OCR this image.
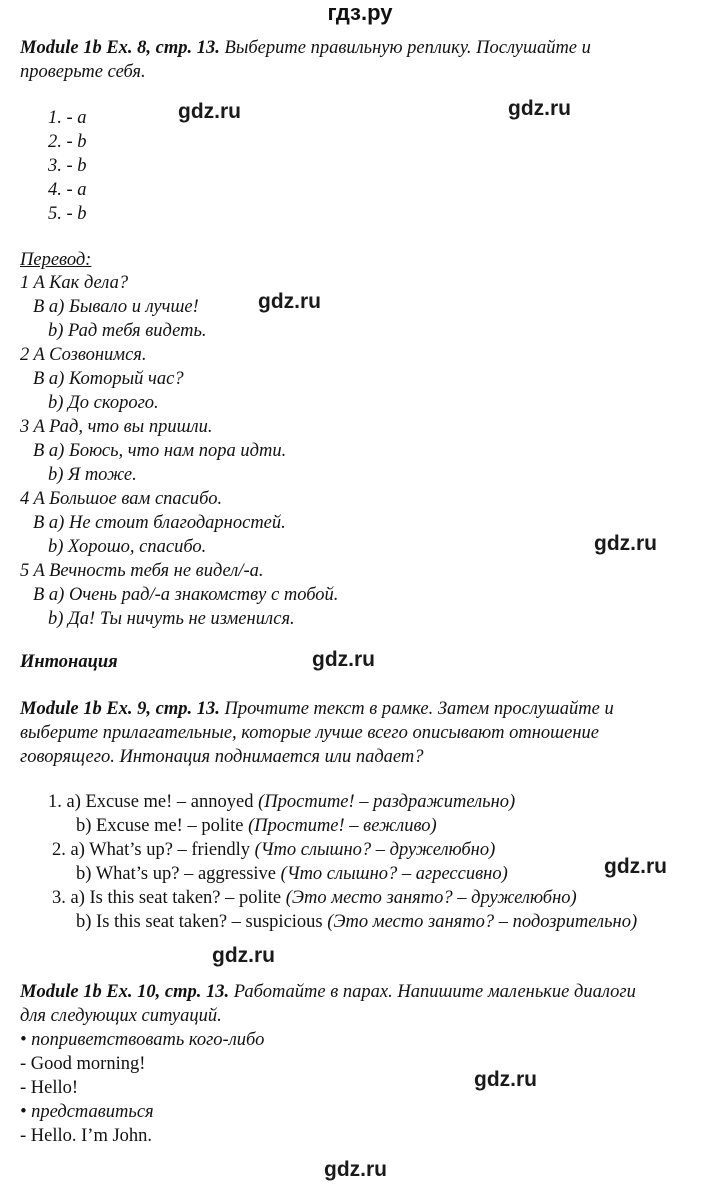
гдз.ру
Module 1b Ex. 8, стр. 13. Выберите правильную реплику. Послушайте и
проверьте себя.
1. - a
2. - b
3. - b
4. - a
5. - b
Перевод:
1 A Как дела?
B a) Бывало и лучше!
b) Рад тебя видеть.
2 A Созвонимся.
B a) Который час?
b) До скорого.
3 A Рад, что вы пришли.
B a) Боюсь, что нам пора идти.
b) Я тоже.
4 A Большое вам спасибо.
B a) Не стоит благодарностей.
b) Хорошо, спасибо.
5 A Вечность тебя не видел/-а.
B a) Очень рад/-а знакомству с тобой.
b) Да! Ты ничуть не изменился.
Интонация
Module 1b Ex. 9, стр. 13. Прочтите текст в рамке. Затем прослушайте и
выберите прилагательные, которые лучше всего описывают отношение
говорящего. Интонация поднимается или падает?
1. a) Excuse me! – annoyed (Простите! – раздражительно)
b) Excuse me! – polite (Простите! – вежливо)
2. a) What’s up? – friendly (Что слышно? – дружелюбно)
b) What’s up? – aggressive (Что слышно? – агрессивно)
3. a) Is this seat taken? – polite (Это место занято? – дружелюбно)
b) Is this seat taken? – suspicious (Это место занято? – подозрительно)
Module 1b Ex. 10, стр. 13. Работайте в парах. Напишите маленькие диалоги
для следующих ситуаций.
• поприветствовать кого-либо
- Good morning!
- Hello!
• представиться
- Hello. I’m John.
gdz.ru	gdz.ru
gdz.ru
gdz.ru
gdz.ru
gdz.ru
gdz.ru
gdz.ru
gdz.ru
